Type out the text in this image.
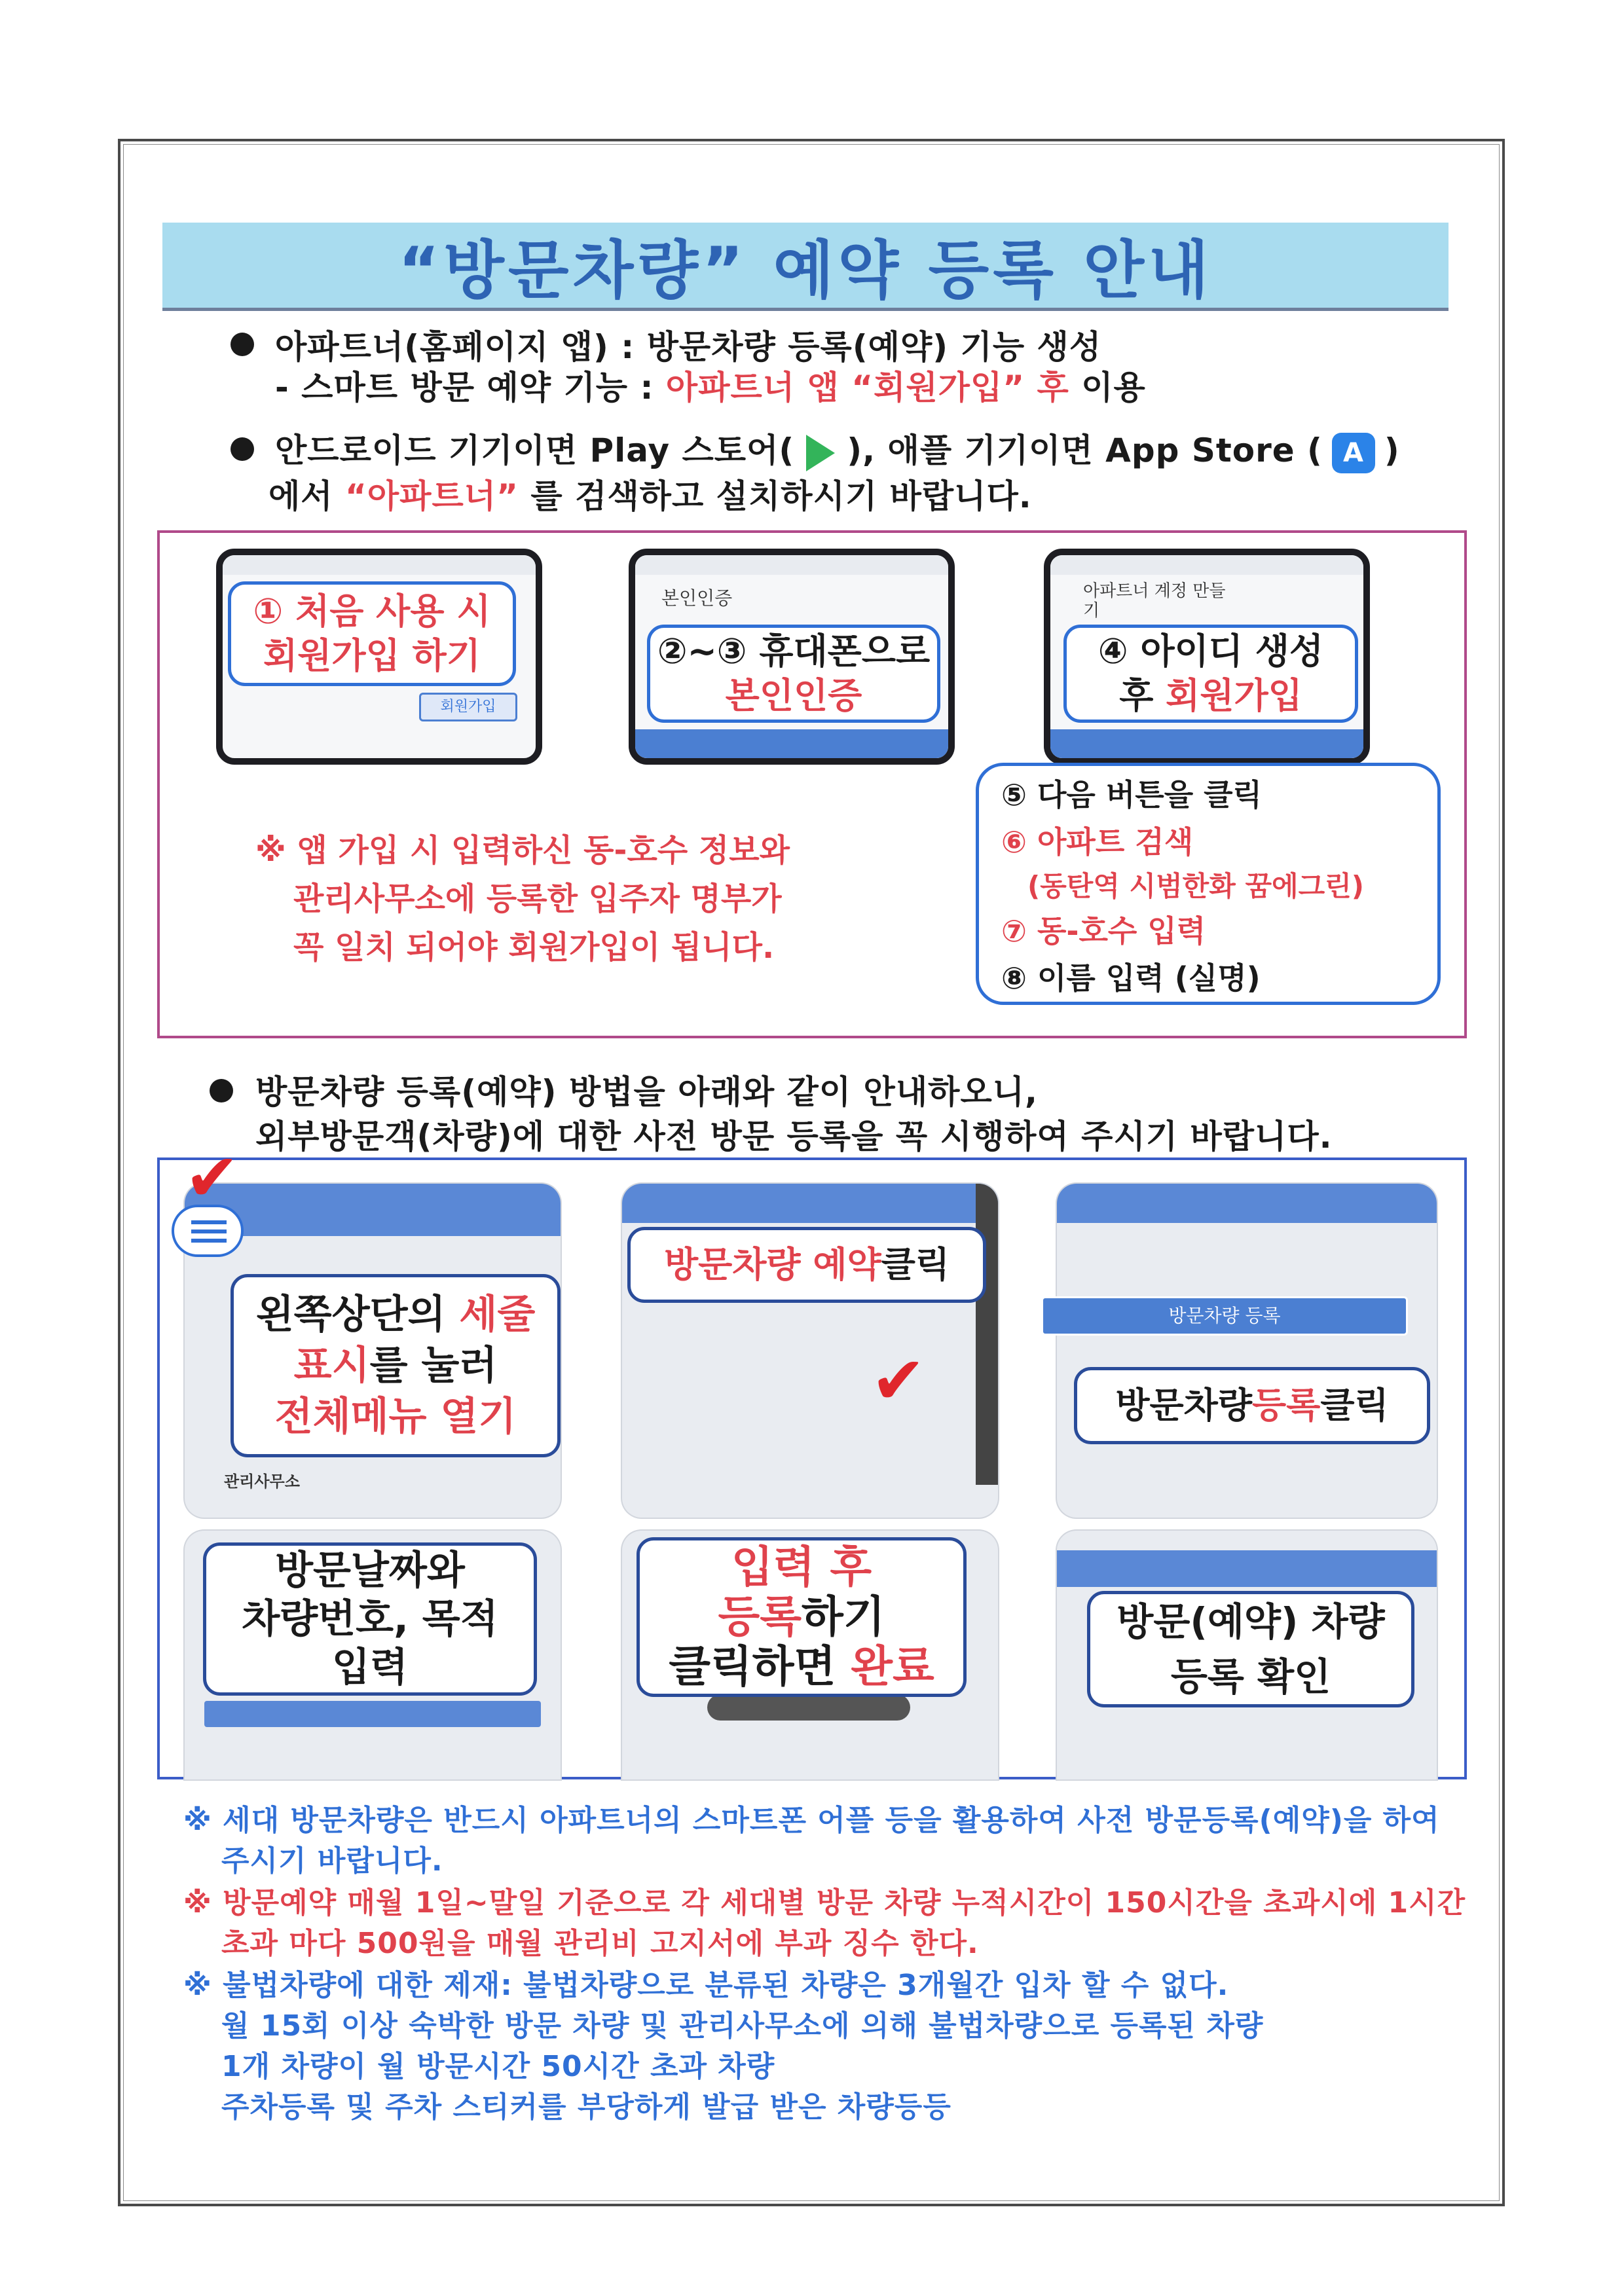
“방문차량” 예약 등록 안내
아파트너(홈페이지 앱) : 방문차량 등록(예약) 기능 생성
- 스마트 방문 예약 기능 : 아파트너 앱 “회원가입” 후 이용
안드로이드 기기이면 Play 스토어( ), 애플 기기이면 App Store ( A )
에서 “아파트너” 를 검색하고 설치하시기 바랍니다.
회원가입
① 처음 사용 시
회원가입 하기
본인인증
②~③ 휴대폰으로
본인인증
아파트너 계정 만들기
④ 아이디 생성
후 회원가입
⑤ 다음 버튼을 클릭
⑥ 아파트 검색
(동탄역 시범한화 꿈에그린)
⑦ 동-호수 입력
⑧ 이름 입력 (실명)
※ 앱 가입 시 입력하신 동-호수 정보와
관리사무소에 등록한 입주자 명부가
꼭 일치 되어야 회원가입이 됩니다.
방문차량 등록(예약) 방법을 아래와 같이 안내하오니,
외부방문객(차량)에 대한 사전 방문 등록을 꼭 시행하여 주시기 바랍니다.
관리사무소
✔
왼쪽상단의 세줄
표시를 눌러
전체메뉴 열기
방문차량 예약 클릭
✔
방문차량 등록
방문차량 등록 클릭
방문날짜와
차량번호, 목적
입력
입력 후
등록하기
클릭하면 완료
방문(예약) 차량
등록 확인
※ 세대 방문차량은 반드시 아파트너의 스마트폰 어플 등을 활용하여 사전 방문등록(예약)을 하여
주시기 바랍니다.
※ 방문예약 매월 1일~말일 기준으로 각 세대별 방문 차량 누적시간이 150시간을 초과시에 1시간
초과 마다 500원을 매월 관리비 고지서에 부과 징수 한다.
※ 불법차량에 대한 제재: 불법차량으로 분류된 차량은 3개월간 입차 할 수 없다.
월 15회 이상 숙박한 방문 차량 및 관리사무소에 의해 불법차량으로 등록된 차량
1개 차량이 월 방문시간 50시간 초과 차량
주차등록 및 주차 스티커를 부당하게 발급 받은 차량등등
